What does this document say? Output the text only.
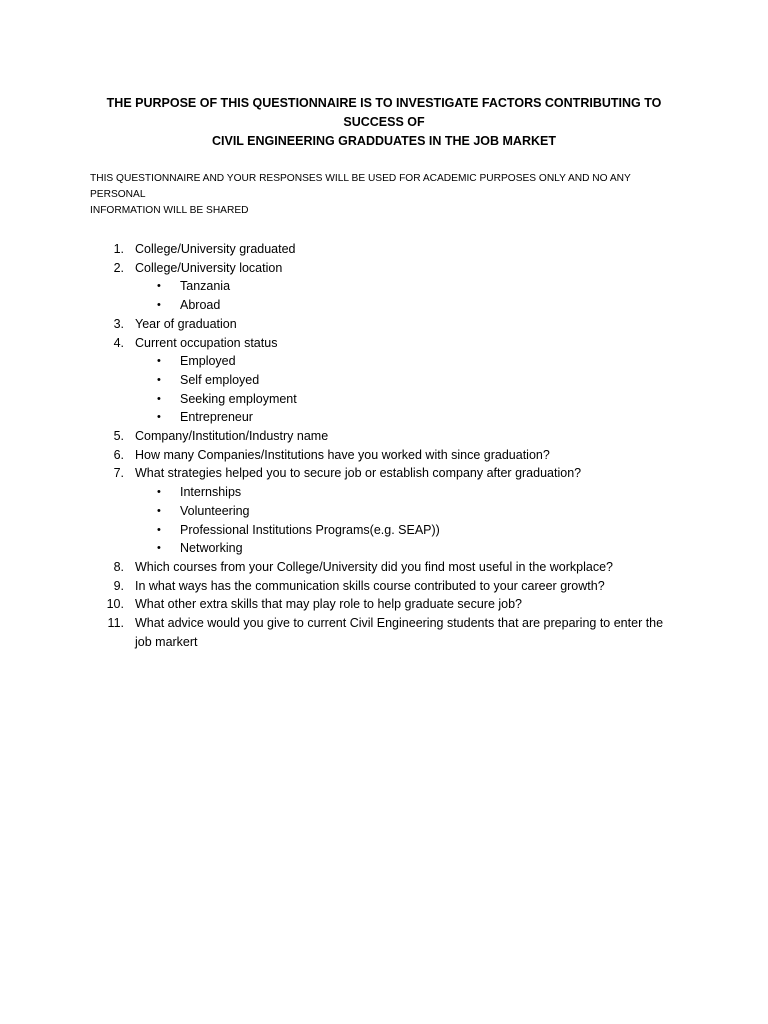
THE PURPOSE OF THIS QUESTIONNAIRE IS TO INVESTIGATE FACTORS CONTRIBUTING TO SUCCESS OF
CIVIL ENGINEERING GRADDUATES IN THE JOB MARKET
THIS QUESTIONNAIRE AND YOUR RESPONSES WILL BE USED FOR ACADEMIC PURPOSES ONLY AND NO ANY PERSONAL
INFORMATION WILL BE SHARED
1. College/University graduated
2. College/University location
• Tanzania
• Abroad
3. Year of graduation
4. Current occupation status
• Employed
• Self employed
• Seeking employment
• Entrepreneur
5. Company/Institution/Industry name
6. How many Companies/Institutions have you worked with since graduation?
7. What strategies helped you to secure job or establish company after graduation?
• Internships
• Volunteering
• Professional Institutions Programs(e.g. SEAP))
• Networking
8. Which courses from your College/University did you find most useful in the workplace?
9. In what ways has the communication skills course contributed to your career growth?
10. What other extra skills that may play role to help graduate secure job?
11. What advice would you give to current Civil Engineering students that are preparing to enter the
job markert
